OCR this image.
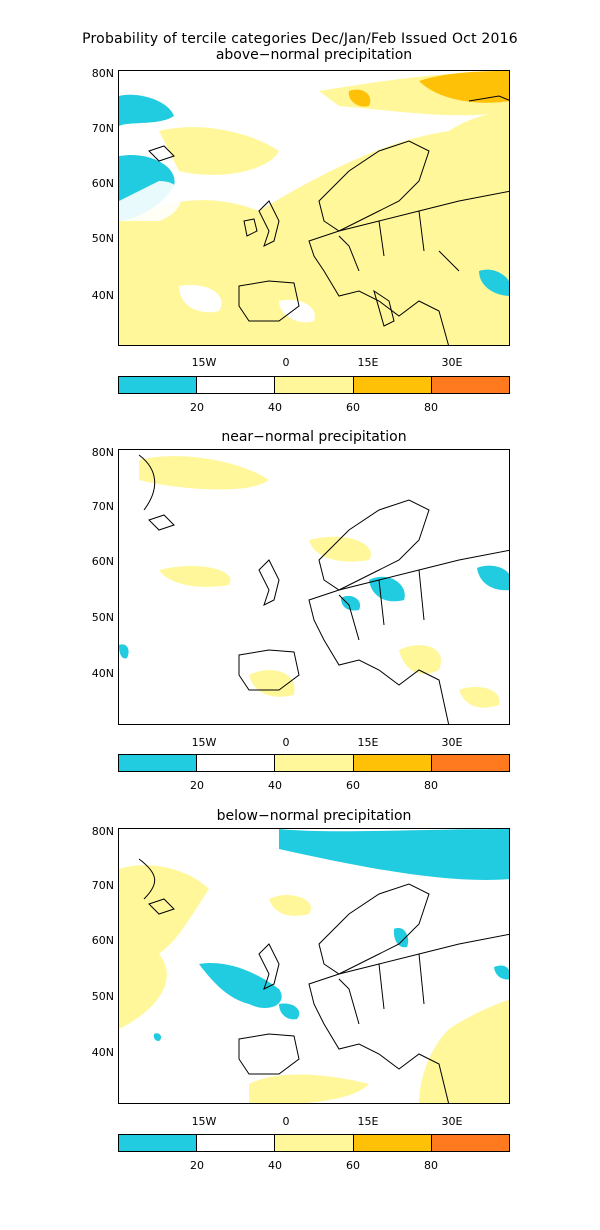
Probability of tercile categories Dec/Jan/Feb Issued Oct 2016
above−normal precipitation
80N
70N
60N
50N
40N
15W	0	15E	30E
20	40	60	80
near−normal precipitation
80N
70N
60N
50N
40N
15W	0	15E	30E
20	40	60	80
below−normal precipitation
80N
70N
60N
50N
40N
15W	0	15E	30E
20	40	60	80
